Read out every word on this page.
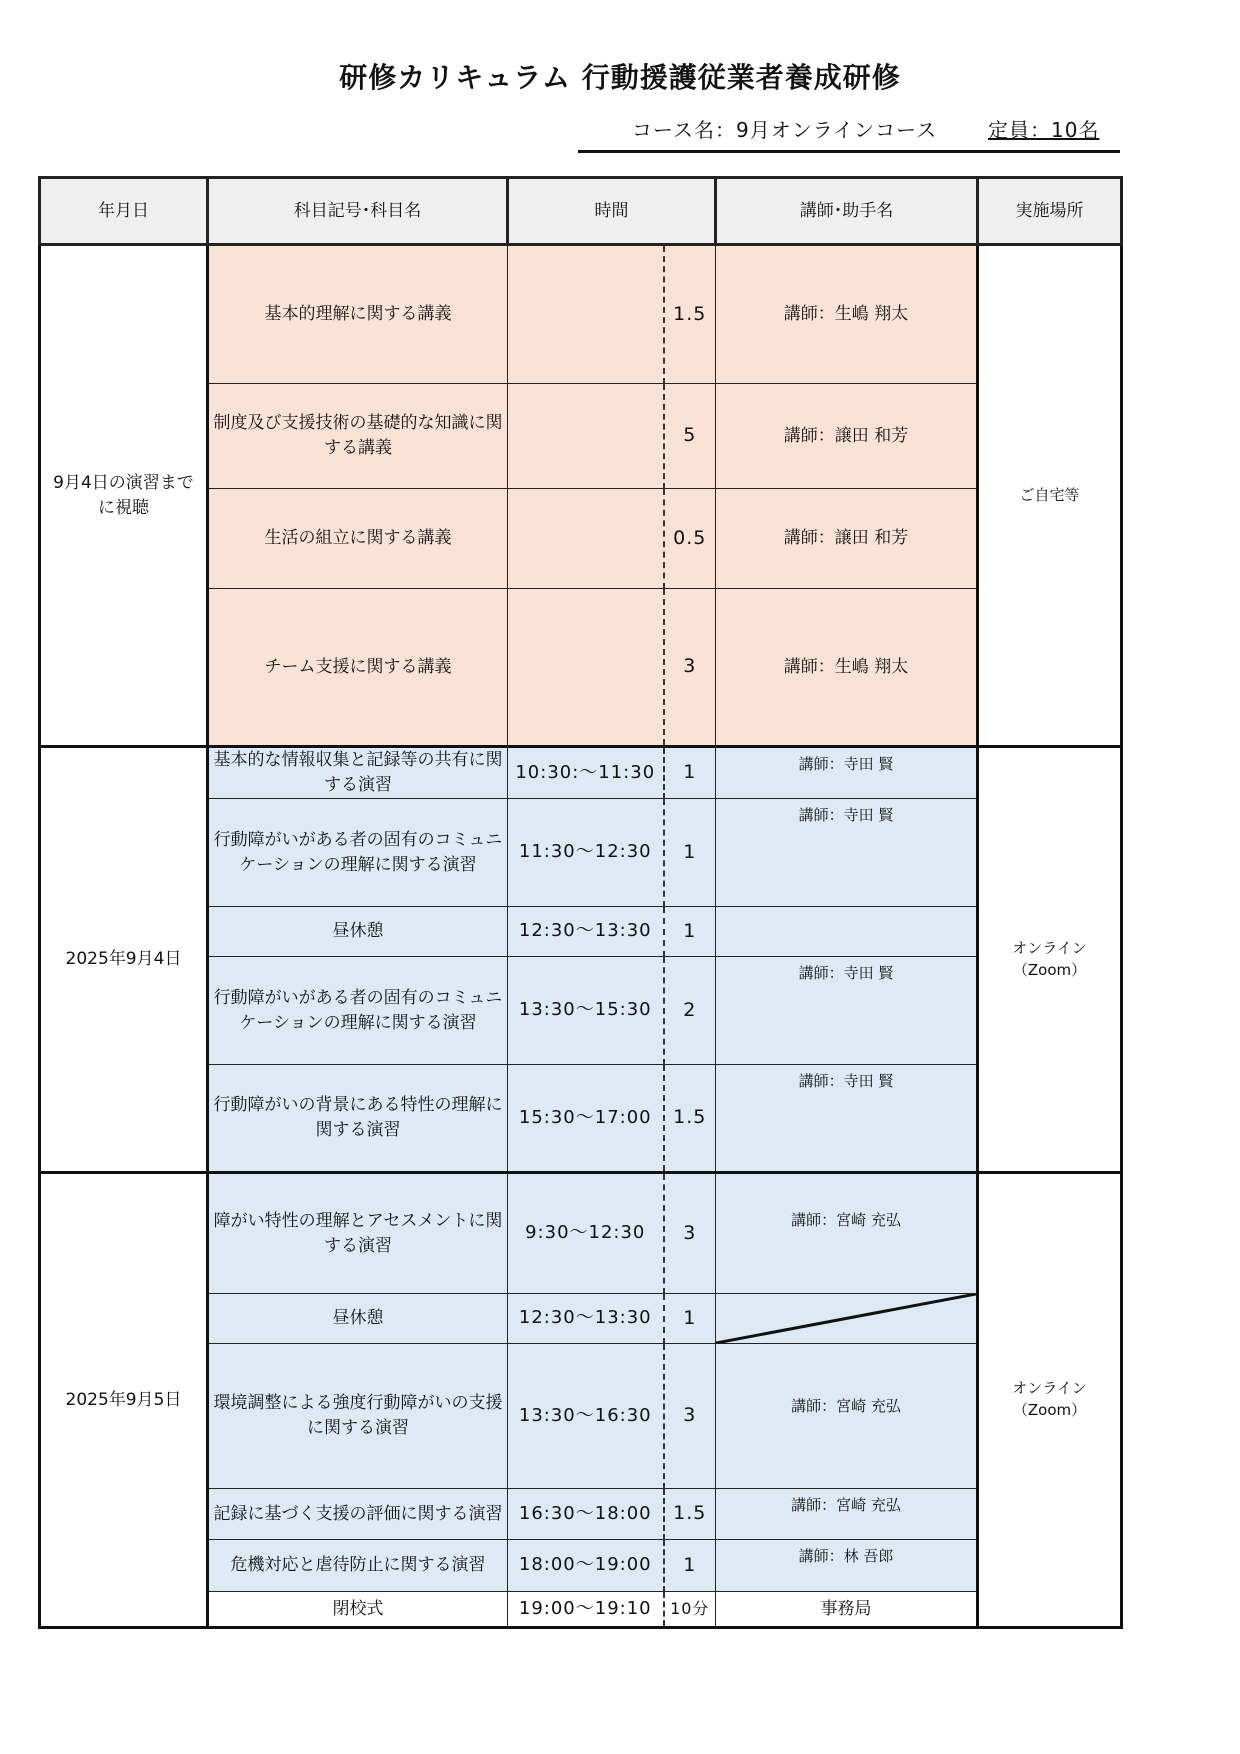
研修カリキュラム 行動援護従業者養成研修
コース名：9月オンラインコース	定員：10名
年月日	科目記号･科目名	時間		講師･助手名	実施場所
9月4日の演習までに視聴	基本的理解に関する講義		1.5	講師：生嶋 翔太	ご自宅等
	制度及び支援技術の基礎的な知識に関する講義		5	講師：譲田 和芳	
	生活の組立に関する講義		0.5	講師：譲田 和芳	
	チーム支援に関する講義		3	講師：生嶋 翔太	
2025年9月4日	基本的な情報収集と記録等の共有に関する演習	10:30:～11:30	1	講師：寺田 賢	オンライン（Zoom）
	行動障がいがある者の固有のコミュニケーションの理解に関する演習	11:30～12:30	1	講師：寺田 賢	
	昼休憩	12:30～13:30	1		
	行動障がいがある者の固有のコミュニケーションの理解に関する演習	13:30～15:30	2	講師：寺田 賢	
	行動障がいの背景にある特性の理解に関する演習	15:30～17:00	1.5	講師：寺田 賢	
2025年9月5日	障がい特性の理解とアセスメントに関する演習	9:30～12:30	3	講師：宮崎 充弘	オンライン（Zoom）
	昼休憩	12:30～13:30	1	

	環境調整による強度行動障がいの支援に関する演習	13:30～16:30	3	講師：宮崎 充弘	
	記録に基づく支援の評価に関する演習	16:30～18:00	1.5	講師：宮崎 充弘	
	危機対応と虐待防止に関する演習	18:00～19:00	1	講師：林 吾郎	
	閉校式	19:00～19:10	10分	事務局	
